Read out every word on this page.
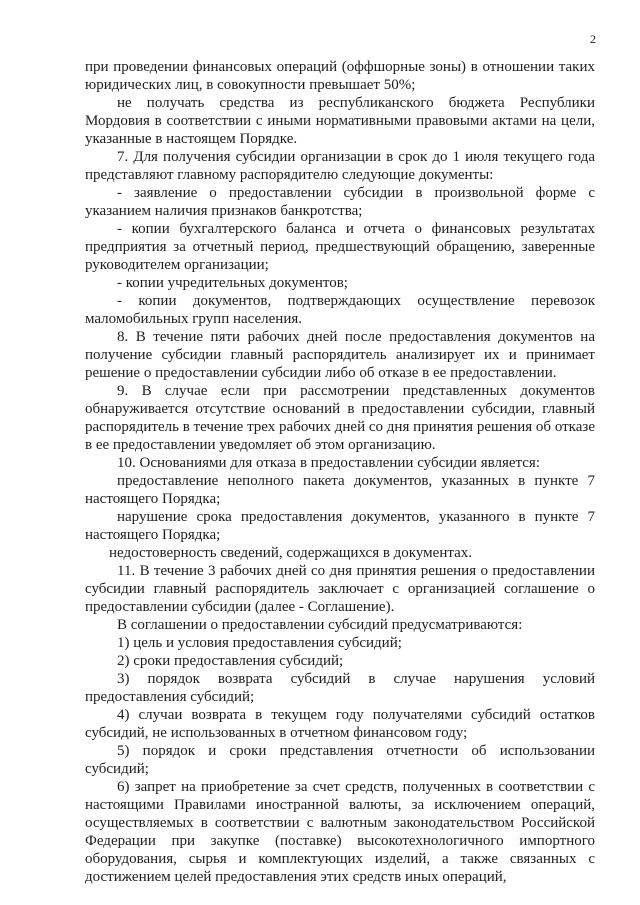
2

при проведении финансовых операций (оффшорные зоны) в отношении таких юридических лиц, в совокупности превышает 50%;

не получать средства из республиканского бюджета Республики Мордовия в соответствии с иными нормативными правовыми актами на цели, указанные в настоящем Порядке.

7. Для получения субсидии организации в срок до 1 июля текущего года представляют главному распорядителю следующие документы:

- заявление о предоставлении субсидии в произвольной форме с указанием наличия признаков банкротства;

- копии бухгалтерского баланса и отчета о финансовых результатах предприятия за отчетный период, предшествующий обращению, заверенные руководителем организации;

- копии учредительных документов;

- копии документов, подтверждающих осуществление перевозок маломобильных групп населения.

8. В течение пяти рабочих дней после предоставления документов на получение субсидии главный распорядитель анализирует их и принимает решение о предоставлении субсидии либо об отказе в ее предоставлении.

9. В случае если при рассмотрении представленных документов обнаруживается отсутствие оснований в предоставлении субсидии, главный распорядитель в течение трех рабочих дней со дня принятия решения об отказе в ее предоставлении уведомляет об этом организацию.

10. Основаниями для отказа в предоставлении субсидии является:

предоставление неполного пакета документов, указанных в пункте 7 настоящего Порядка;

нарушение срока предоставления документов, указанного в пункте 7 настоящего Порядка;

недостоверность сведений, содержащихся в документах.

11. В течение 3 рабочих дней со дня принятия решения о предоставлении субсидии главный распорядитель заключает с организацией соглашение о предоставлении субсидии (далее - Соглашение).

В соглашении о предоставлении субсидий предусматриваются:

1) цель и условия предоставления субсидий;

2) сроки предоставления субсидий;

3) порядок возврата субсидий в случае нарушения условий предоставления субсидий;

4) случаи возврата в текущем году получателями субсидий остатков субсидий, не использованных в отчетном финансовом году;

5) порядок и сроки представления отчетности об использовании субсидий;

6) запрет на приобретение за счет средств, полученных в соответствии с настоящими Правилами иностранной валюты, за исключением операций, осуществляемых в соответствии с валютным законодательством Российской Федерации при закупке (поставке) высокотехнологичного импортного оборудования, сырья и комплектующих изделий, а также связанных с достижением целей предоставления этих средств иных операций,
